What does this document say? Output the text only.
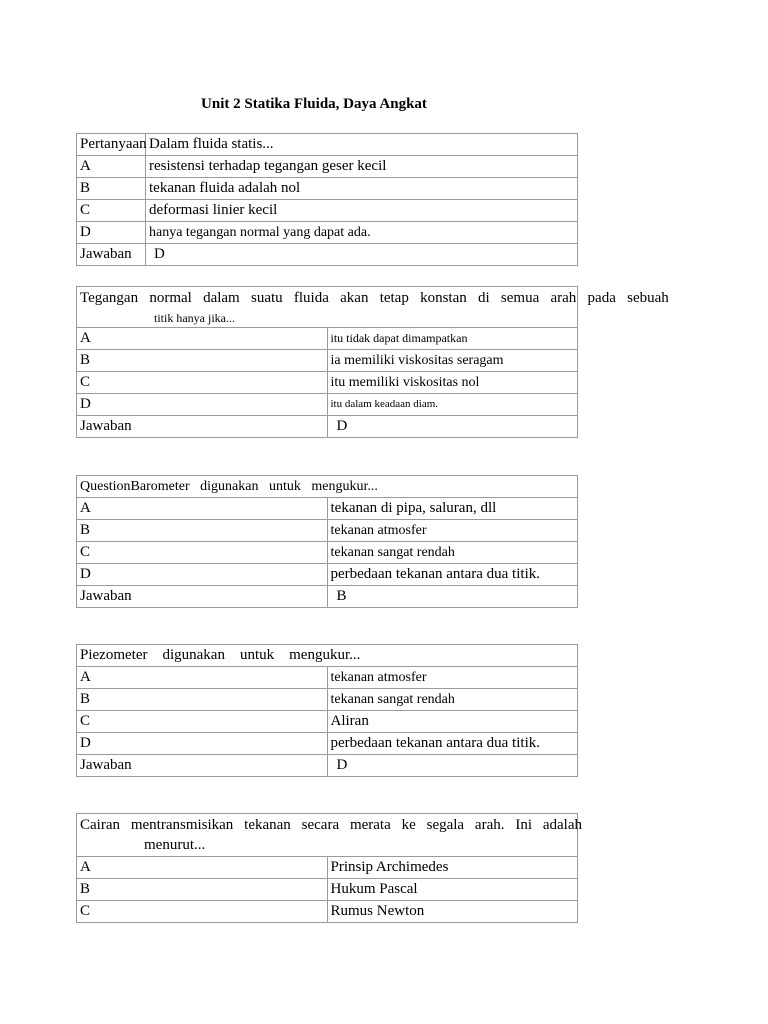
Unit 2 Statika Fluida, Daya Angkat
Pertanyaan	Dalam fluida statis...
A	resistensi terhadap tegangan geser kecil
B	tekanan fluida adalah nol
C	deformasi linier kecil
D	hanya tegangan normal yang dapat ada.
Jawaban	D
Tegangan   normal   dalam   suatu   fluida   akan   tetap   konstan   di   semua   arah   pada   sebuah
titik hanya jika...	

A	itu tidak dapat dimampatkan
B	ia memiliki viskositas seragam
C	itu memiliki viskositas nol
D	itu dalam keadaan diam.
Jawaban	D
QuestionBarometer   digunakan   untuk   mengukur...	
A	tekanan di pipa, saluran, dll
B	tekanan atmosfer
C	tekanan sangat rendah
D	perbedaan tekanan antara dua titik.
Jawaban	B
Piezometer    digunakan    untuk    mengukur...	
A	tekanan atmosfer
B	tekanan sangat rendah
C	Aliran
D	perbedaan tekanan antara dua titik.
Jawaban	D
Cairan mentransmisikan tekanan secara merata ke segala arah. Ini adalah
menurut...	

A	Prinsip Archimedes
B	Hukum Pascal
C	Rumus Newton
